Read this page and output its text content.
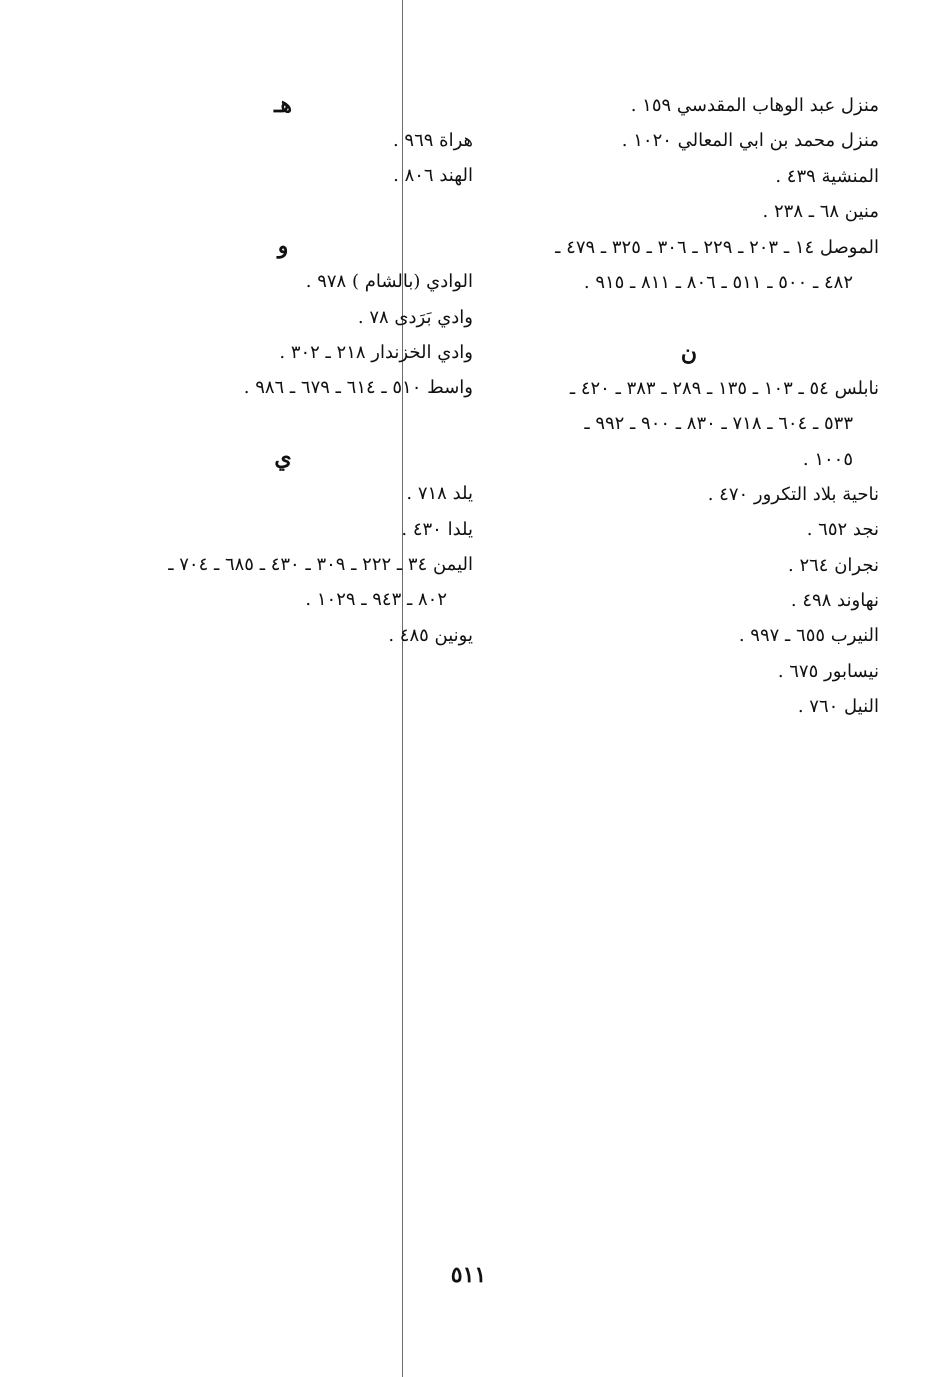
منزل عبد الوهاب المقدسي ١٥٩ .
منزل محمد بن ابي المعالي ١٠٢٠ .
المنشية ٤٣٩ .
منين ٦٨ ـ ٢٣٨ .
الموصل ١٤ ـ ٢٠٣ ـ ٢٢٩ ـ ٣٠٦ ـ ٣٢٥ ـ ٤٧٩ ـ
٤٨٢ ـ ٥٠٠ ـ ٥١١ ـ ٨٠٦ ـ ٨١١ ـ ٩١٥ .
ن
نابلس ٥٤ ـ ١٠٣ ـ ١٣٥ ـ ٢٨٩ ـ ٣٨٣ ـ ٤٢٠ ـ
٥٣٣ ـ ٦٠٤ ـ ٧١٨ ـ ٨٣٠ ـ ٩٠٠ ـ ٩٩٢ ـ
١٠٠٥ .
ناحية بلاد التكرور ٤٧٠ .
نجد ٦٥٢ .
نجران ٢٦٤ .
نهاوند ٤٩٨ .
النيرب ٦٥٥ ـ ٩٩٧ .
نيسابور ٦٧٥ .
النيل ٧٦٠ .
هـ
هراة ٩٦٩ .
الهند ٨٠٦ .
و
الوادي (بالشام ) ٩٧٨ .
وادي بَرَدى ٧٨ .
وادي الخزندار ٢١٨ ـ ٣٠٢ .
واسط ٥١٠ ـ ٦١٤ ـ ٦٧٩ ـ ٩٨٦ .
ي
يلد ٧١٨ .
يلدا ٤٣٠ .
اليمن ٣٤ ـ ٢٢٢ ـ ٣٠٩ ـ ٤٣٠ ـ ٦٨٥ ـ ٧٠٤ ـ
٨٠٢ ـ ٩٤٣ ـ ١٠٢٩ .
يونين ٤٨٥ .
٥١١
